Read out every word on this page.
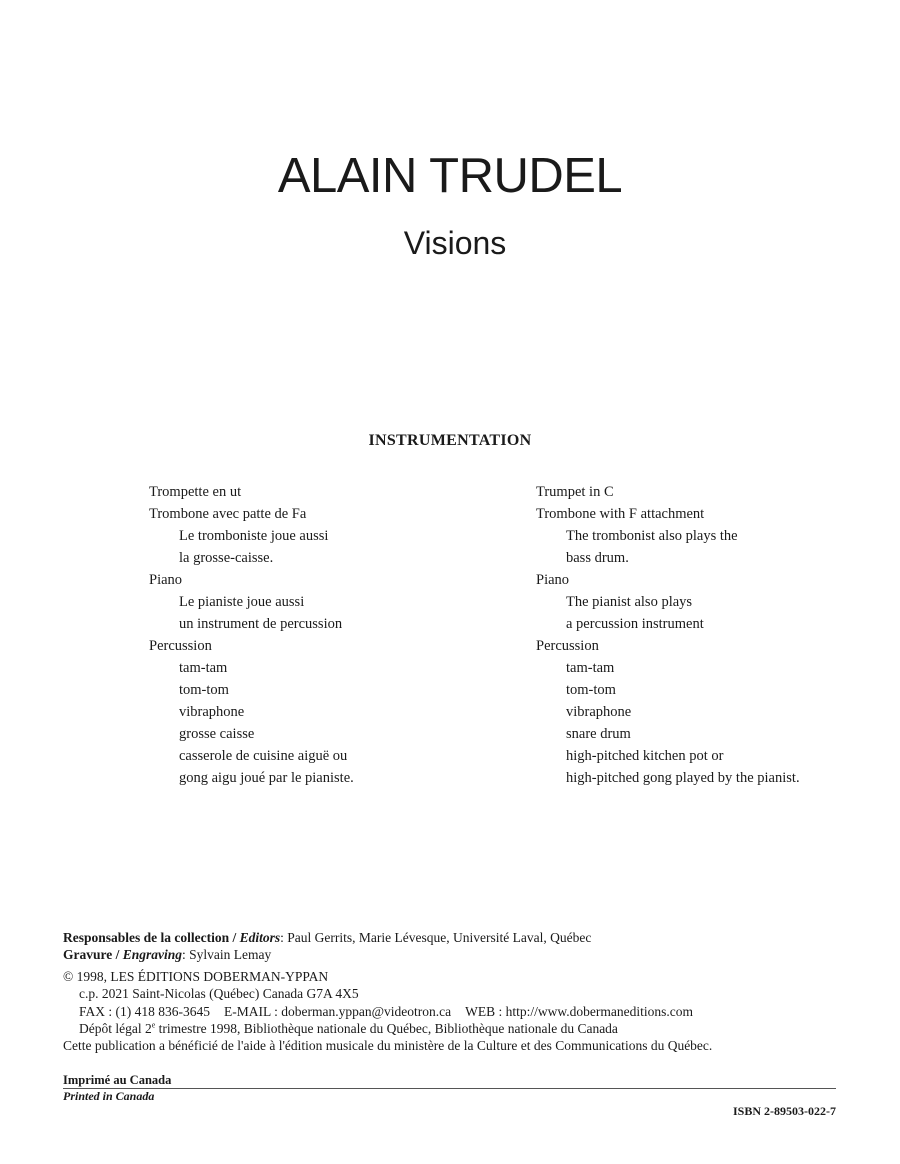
ALAIN TRUDEL
Visions
INSTRUMENTATION
Trompette en ut
Trombone avec patte de Fa
Le tromboniste joue aussi
la grosse-caisse.
Piano
Le pianiste joue aussi
un instrument de percussion
Percussion
tam-tam
tom-tom
vibraphone
grosse caisse
casserole de cuisine aiguë ou
gong aigu joué par le pianiste.
Trumpet in C
Trombone with F attachment
The trombonist also plays the
bass drum.
Piano
The pianist also plays
a percussion instrument
Percussion
tam-tam
tom-tom
vibraphone
snare drum
high-pitched kitchen pot or
high-pitched gong played by the pianist.
Responsables de la collection / Editors: Paul Gerrits, Marie Lévesque, Université Laval, Québec
Gravure / Engraving: Sylvain Lemay
© 1998, LES ÉDITIONS DOBERMAN-YPPAN
c.p. 2021 Saint-Nicolas (Québec) Canada G7A 4X5
FAX : (1) 418 836-3645 E-MAIL : doberman.yppan@videotron.ca WEB : http://www.dobermaneditions.com
Dépôt légal 2e trimestre 1998, Bibliothèque nationale du Québec, Bibliothèque nationale du Canada
Cette publication a bénéficié de l'aide à l'édition musicale du ministère de la Culture et des Communications du Québec.
Imprimé au Canada
Printed in Canada
ISBN 2-89503-022-7
